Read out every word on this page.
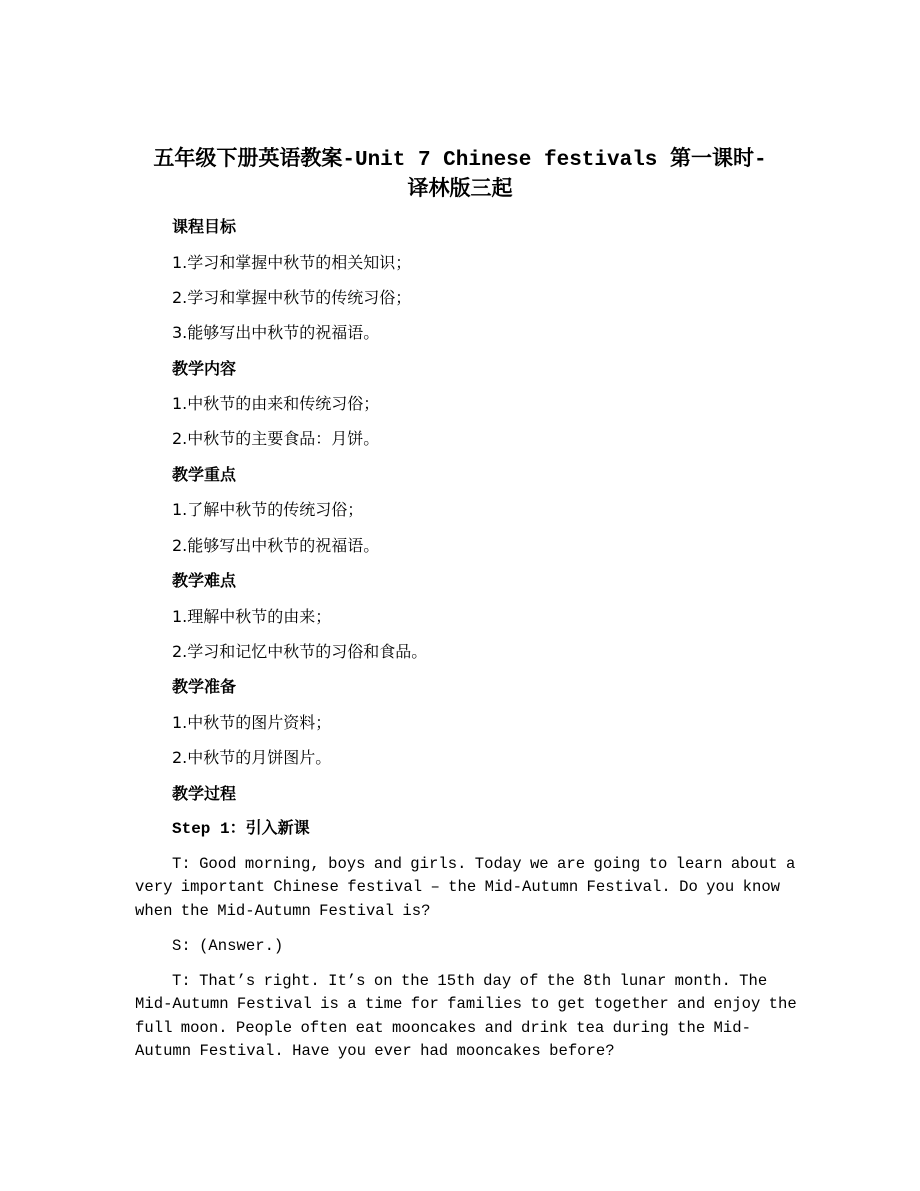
五年级下册英语教案-Unit 7 Chinese festivals 第一课时-
译林版三起
课程目标
1.学习和掌握中秋节的相关知识；
2.学习和掌握中秋节的传统习俗；
3.能够写出中秋节的祝福语。
教学内容
1.中秋节的由来和传统习俗；
2.中秋节的主要食品：月饼。
教学重点
1.了解中秋节的传统习俗；
2.能够写出中秋节的祝福语。
教学难点
1.理解中秋节的由来；
2.学习和记忆中秋节的习俗和食品。
教学准备
1.中秋节的图片资料；
2.中秋节的月饼图片。
教学过程
Step 1：引入新课
T: Good morning, boys and girls. Today we are going to learn about a
very important Chinese festival – the Mid-Autumn Festival. Do you know
when the Mid-Autumn Festival is?
S: (Answer.)
T: That’s right. It’s on the 15th day of the 8th lunar month. The
Mid-Autumn Festival is a time for families to get together and enjoy the
full moon. People often eat mooncakes and drink tea during the Mid-
Autumn Festival. Have you ever had mooncakes before?
